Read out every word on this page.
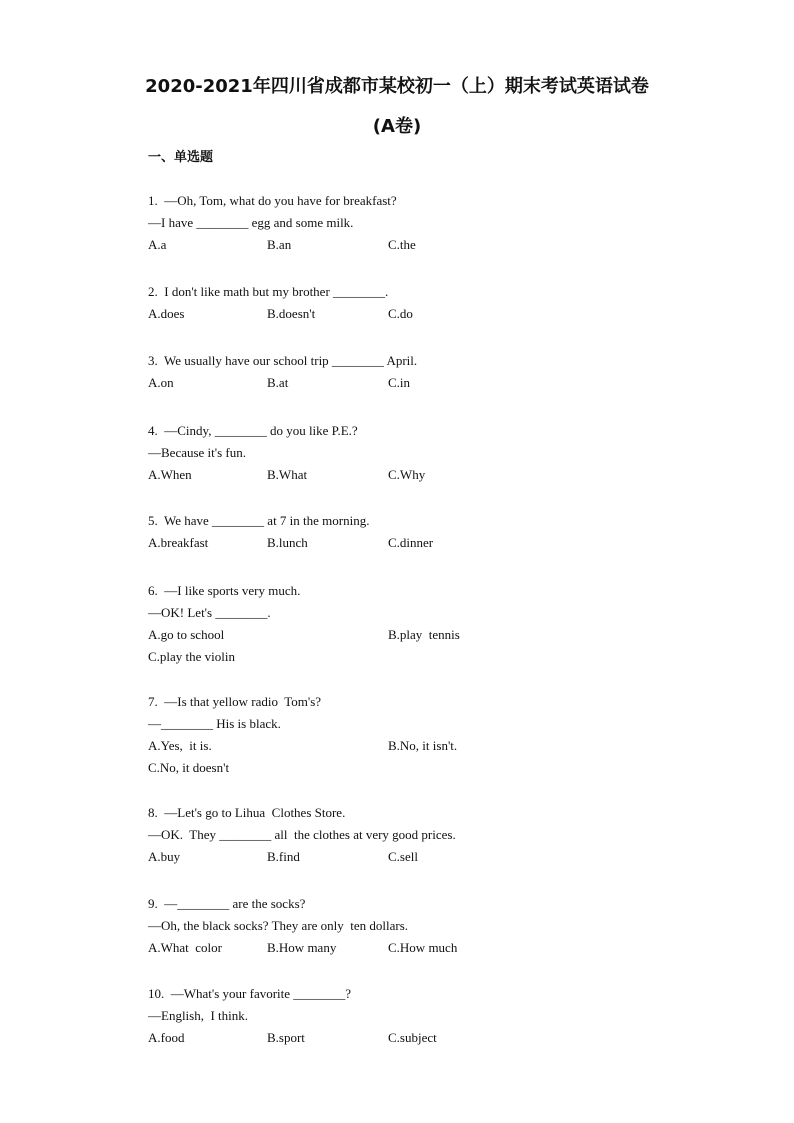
2020-2021年四川省成都市某校初一（上）期末考试英语试卷
(A卷)
一、单选题
1.  —Oh, Tom, what do you have for breakfast?
—I have ________ egg and some milk.
A.a	B.an	C.the
2.  I don't like math but my brother ________.
A.does	B.doesn't	C.do
3.  We usually have our school trip ________ April.
A.on	B.at	C.in
4.  —Cindy, ________ do you like P.E.?
—Because it's fun.
A.When	B.What	C.Why
5.  We have ________ at 7 in the morning.
A.breakfast	B.lunch	C.dinner
6.  —I like sports very much.
—OK! Let's ________.
A.go to school	B.play  tennis
C.play the violin
7.  —Is that yellow radio  Tom's?
—________ His is black.
A.Yes,  it is.	B.No, it isn't.
C.No, it doesn't
8.  —Let's go to Lihua  Clothes Store.
—OK.  They ________ all  the clothes at very good prices.
A.buy	B.find	C.sell
9.  —________ are the socks?
—Oh, the black socks? They are only  ten dollars.
A.What  color	B.How many	C.How much
10.  —What's your favorite ________?
—English,  I think.
A.food	B.sport	C.subject
